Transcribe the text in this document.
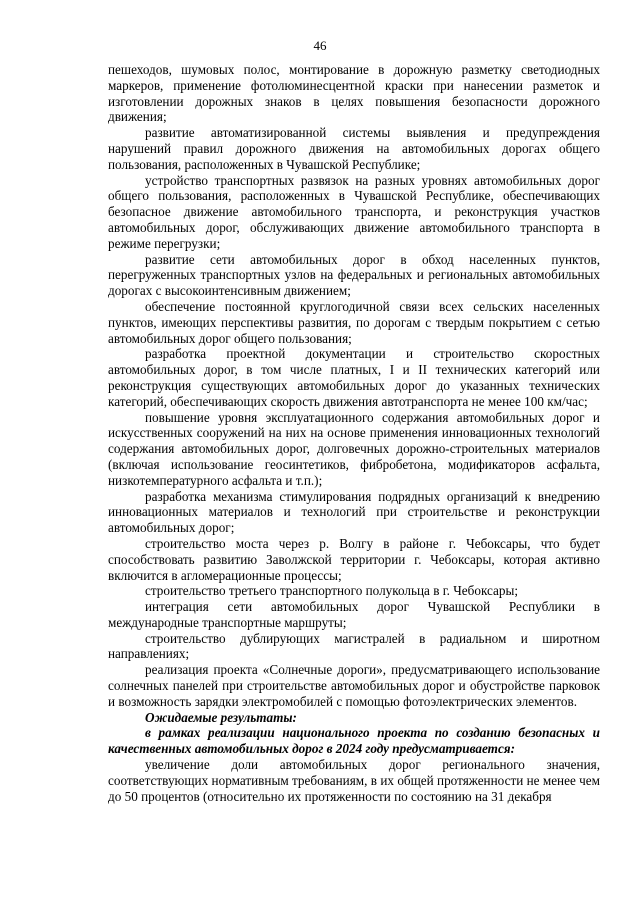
46

пешеходов, шумовых полос, монтирование в дорожную разметку светодиодных маркеров, применение фотолюминесцентной краски при нанесении разметок и изготовлении дорожных знаков в целях повышения безопасности дорожного движения;

развитие автоматизированной системы выявления и предупреждения нарушений правил дорожного движения на автомобильных дорогах общего пользования, расположенных в Чувашской Республике;

устройство транспортных развязок на разных уровнях автомобильных дорог общего пользования, расположенных в Чувашской Республике, обеспечивающих безопасное движение автомобильного транспорта, и реконструкция участков автомобильных дорог, обслуживающих движение автомобильного транспорта в режиме перегрузки;

развитие сети автомобильных дорог в обход населенных пунктов, перегруженных транспортных узлов на федеральных и региональных автомобильных дорогах с высокоинтенсивным движением;

обеспечение постоянной круглогодичной связи всех сельских населенных пунктов, имеющих перспективы развития, по дорогам с твердым покрытием с сетью автомобильных дорог общего пользования;

разработка проектной документации и строительство скоростных автомобильных дорог, в том числе платных, I и II технических категорий или реконструкция существующих автомобильных дорог до указанных технических категорий, обеспечивающих скорость движения автотранспорта не менее 100 км/час;

повышение уровня эксплуатационного содержания автомобильных дорог и искусственных сооружений на них на основе применения инновационных технологий содержания автомобильных дорог, долговечных дорожно-строительных материалов (включая использование геосинтетиков, фибробетона, модификаторов асфальта, низкотемпературного асфальта и т.п.);

разработка механизма стимулирования подрядных организаций к внедрению инновационных материалов и технологий при строительстве и реконструкции автомобильных дорог;

строительство моста через р. Волгу в районе г. Чебоксары, что будет способствовать развитию Заволжской территории г. Чебоксары, которая активно включится в агломерационные процессы;

строительство третьего транспортного полукольца в г. Чебоксары;

интеграция сети автомобильных дорог Чувашской Республики в международные транспортные маршруты;

строительство дублирующих магистралей в радиальном и широтном направлениях;

реализация проекта «Солнечные дороги», предусматривающего использование солнечных панелей при строительстве автомобильных дорог и обустройстве парковок и возможность зарядки электромобилей с помощью фотоэлектрических элементов.

Ожидаемые результаты:

в рамках реализации национального проекта по созданию безопасных и качественных автомобильных дорог в 2024 году предусматривается:

увеличение доли автомобильных дорог регионального значения, соответствующих нормативным требованиям, в их общей протяженности не менее чем до 50 процентов (относительно их протяженности по состоянию на 31 декабря
